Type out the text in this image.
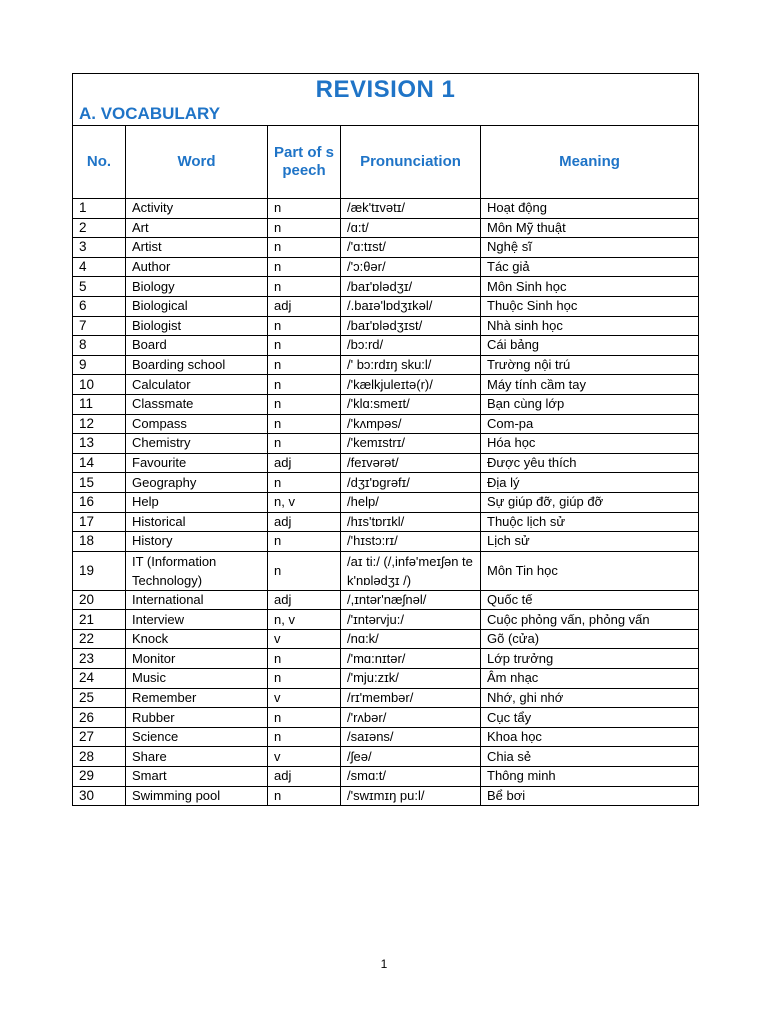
REVISION 1
A. VOCABULARY				

No.	Word	Part of speech	Pronunciation	Meaning
1	Activity	n	/æk'tɪvətɪ/	Hoạt động
2	Art	n	/ɑ:t/	Môn Mỹ thuật
3	Artist	n	/'ɑ:tɪst/	Nghệ sĩ
4	Author	n	/'ɔ:θər/	Tác giả
5	Biology	n	/baɪ'ɒlədʒɪ/	Môn Sinh học
6	Biological	adj	/.baɪə'lɒdʒɪkəl/	Thuộc Sinh học
7	Biologist	n	/baɪ'ɒlədʒɪst/	Nhà sinh học
8	Board	n	/bɔ:rd/	Cái bảng
9	Boarding school	n	/' bɔ:rdɪŋ sku:l/	Trường nội trú
10	Calculator	n	/'kælkjuleɪtə(r)/	Máy tính cầm tay
11	Classmate	n	/'klɑ:smeɪt/	Bạn cùng lớp
12	Compass	n	/'kʌmpəs/	Com-pa
13	Chemistry	n	/'kemɪstrɪ/	Hóa học
14	Favourite	adj	/feɪvərət/	Được yêu thích
15	Geography	n	/dʒɪ'ɒgrəfɪ/	Địa lý
16	Help	n, v	/help/	Sự giúp đỡ, giúp đỡ
17	Historical	adj	/hɪs'tɒrɪkl/	Thuộc lịch sử
18	History	n	/'hɪstɔ:rɪ/	Lịch sử
19	IT (Information Technology)	n	/aɪ ti:/ (/,infə'meɪʃən tek'nɒlədʒɪ /)	Môn Tin học
20	International	adj	/,ɪntər'næʃnəl/	Quốc tế
21	Interview	n, v	/'ɪntərvju:/	Cuộc phỏng vấn, phỏng vấn
22	Knock	v	/nɑ:k/	Gõ (cửa)
23	Monitor	n	/'mɑ:nɪtər/	Lớp trưởng
24	Music	n	/'mju:zɪk/	Âm nhạc
25	Remember	v	/rɪ'membər/	Nhớ, ghi nhớ
26	Rubber	n	/'rʌbər/	Cục tẩy
27	Science	n	/saɪəns/	Khoa học
28	Share	v	/ʃeə/	Chia sẻ
29	Smart	adj	/smɑ:t/	Thông minh
30	Swimming pool	n	/'swɪmɪŋ pu:l/	Bể bơi
1
